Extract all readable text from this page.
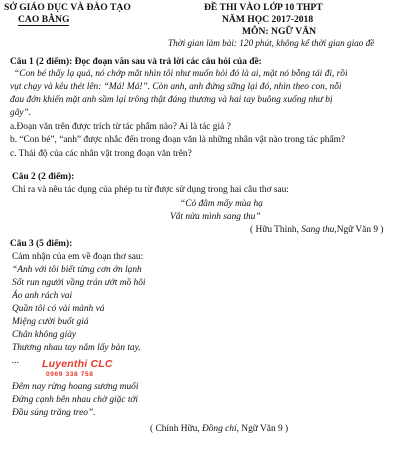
SỞ GIÁO DỤC VÀ ĐÀO TẠO
CAO BẰNG
ĐỀ THI VÀO LỚP 10 THPT
NĂM HỌC 2017-2018
MÔN: NGỮ VĂN
Thời gian làm bài: 120 phút, không kể thời gian giao đề
Câu 1 (2 điểm): Đọc đoạn văn sau và trả lời các câu hỏi của đề:
“Con bé thấy lạ quá, nó chớp mắt nhìn tôi như muốn hỏi đó là ai, mặt nó bỗng tái đi, rồi
vụt chạy và kêu thét lên: “Má! Má!”. Còn anh, anh đứng sững lại đó, nhìn theo con, nỗi
đau đớn khiến mặt anh sầm lại trông thật đáng thương và hai tay buông xuống như bị
gãy”.
a.Đoạn văn trên được trích từ tác phẩm nào? Ai là tác giả ?
b. “Con bé”, “anh” được nhắc đến trong đoạn văn là những nhân vật nào trong tác phẩm?
c. Thái độ của các nhân vật trong đoạn văn trên?
Câu 2 (2 điểm):
Chỉ ra và nêu tác dụng của phép tu từ được sử dụng trong hai câu thơ sau:
“Cỏ đâm mấy mùa hạ
Vắt nửa mình sang thu”
( Hữu Thỉnh, Sang thu,Ngữ Văn 9 )
Câu 3 (5 điểm):
Cảm nhận của em về đoạn thơ sau:
“Anh với tôi biết từng cơn ớn lạnh
Sốt run người vầng trán ướt mồ hôi
Áo anh rách vai
Quần tôi có vài mảnh vá
Miệng cười buốt giá
Chân không giày
Thương nhau tay nắm lấy bàn tay.
...
Đêm nay rừng hoang sương muối
Đứng cạnh bên nhau chờ giặc tới
Đầu súng trăng treo”.
( Chính Hữu, Đồng chí, Ngữ Văn 9 )
Luyenthi CLC
0969 338 758
